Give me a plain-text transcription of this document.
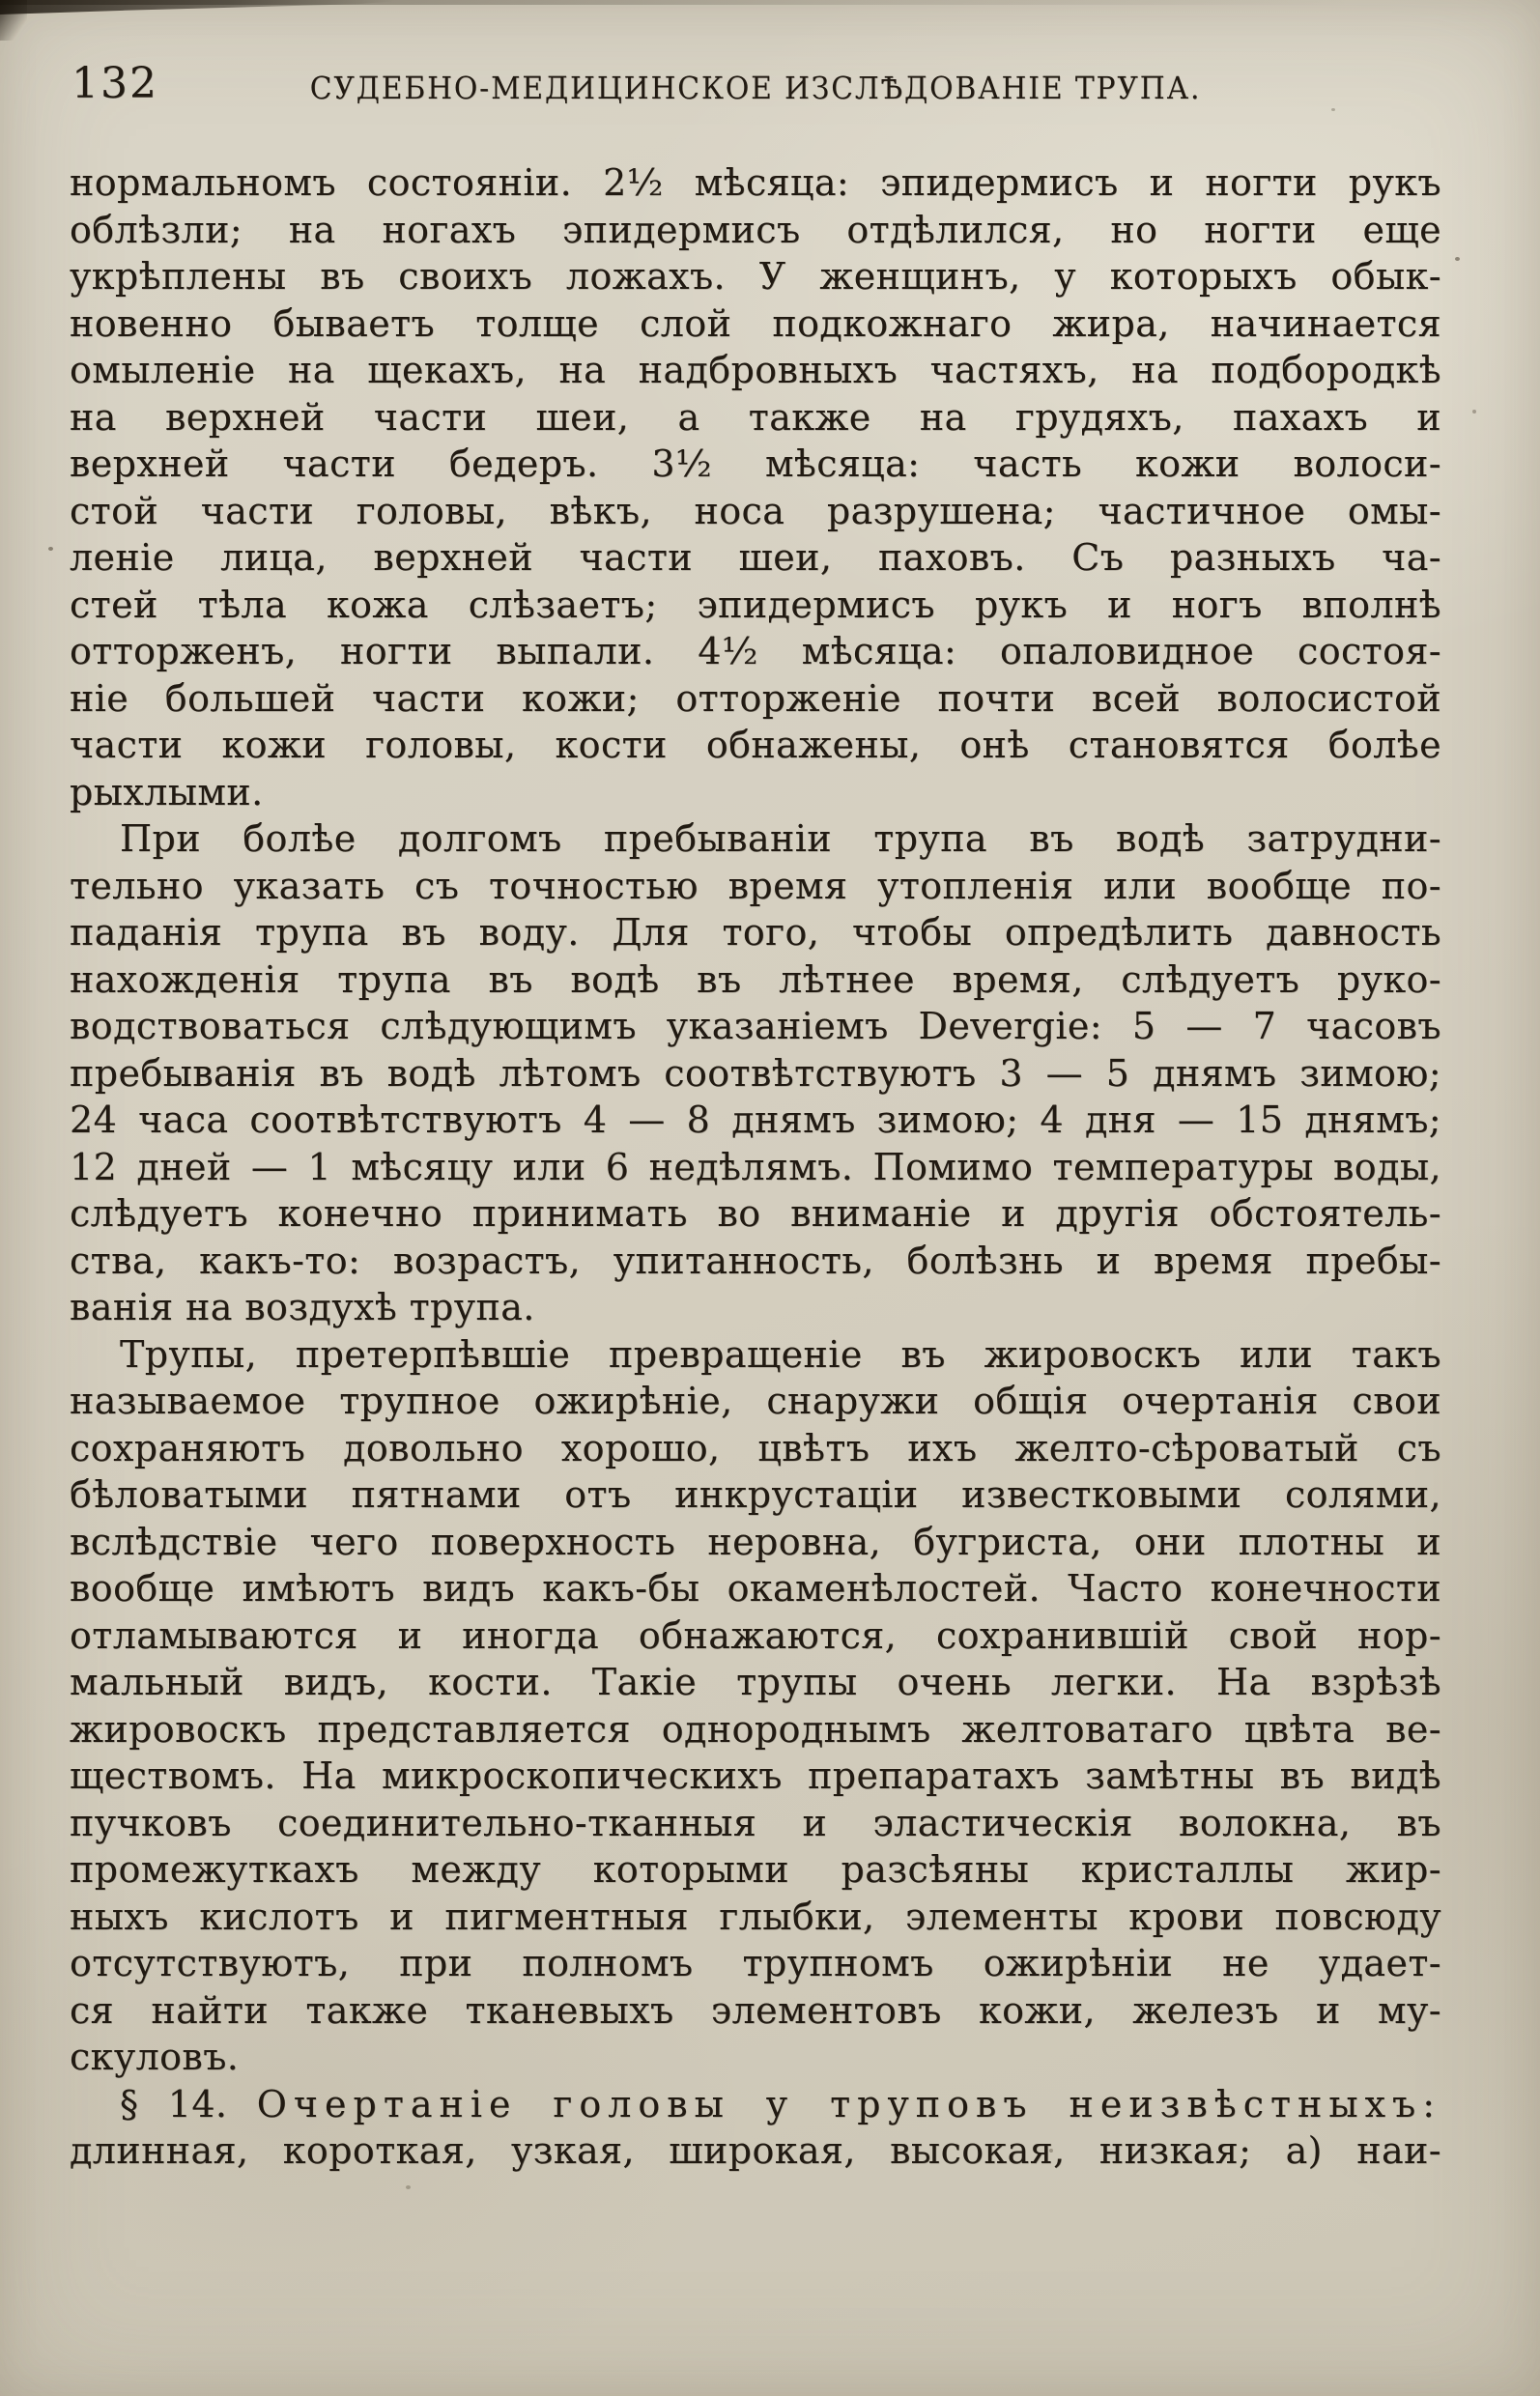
132	СУДЕБНО-МЕДИЦИНСКОЕ ИЗСЛѢДОВАНІЕ ТРУПА.
нормальномъ состояніи. 2¹⁄₂ мѣсяца: эпидермисъ и ногти рукъ
облѣзли; на ногахъ эпидермисъ отдѣлился, но ногти еще
укрѣплены въ своихъ ложахъ. У женщинъ, у которыхъ обык-
новенно бываетъ толще слой подкожнаго жира, начинается
омыленіе на щекахъ, на надбровныхъ частяхъ, на подбородкѣ
на верхней части шеи, а также на грудяхъ, пахахъ и
верхней части бедеръ. 3¹⁄₂ мѣсяца: часть кожи волоси-
стой части головы, вѣкъ, носа разрушена; частичное омы-
леніе лица, верхней части шеи, паховъ. Съ разныхъ ча-
стей тѣла кожа слѣзаетъ; эпидермисъ рукъ и ногъ вполнѣ
отторженъ, ногти выпали. 4¹⁄₂ мѣсяца: опаловидное состоя-
ніе большей части кожи; отторженіе почти всей волосистой
части кожи головы, кости обнажены, онѣ становятся болѣе
рыхлыми.
При болѣе долгомъ пребываніи трупа въ водѣ затрудни-
тельно указать съ точностью время утопленія или вообще по-
паданія трупа въ воду. Для того, чтобы опредѣлить давность
нахожденія трупа въ водѣ въ лѣтнее время, слѣдуетъ руко-
водствоваться слѣдующимъ указаніемъ Devergie: 5 — 7 часовъ
пребыванія въ водѣ лѣтомъ соотвѣтствуютъ 3 — 5 днямъ зимою;
24 часа соотвѣтствуютъ 4 — 8 днямъ зимою; 4 дня — 15 днямъ;
12 дней — 1 мѣсяцу или 6 недѣлямъ. Помимо температуры воды,
слѣдуетъ конечно принимать во вниманіе и другія обстоятель-
ства, какъ-то: возрастъ, упитанность, болѣзнь и время пребы-
ванія на воздухѣ трупа.
Трупы, претерпѣвшіе превращеніе въ жировоскъ или такъ
называемое трупное ожирѣніе, снаружи общія очертанія свои
сохраняютъ довольно хорошо, цвѣтъ ихъ желто-сѣроватый съ
бѣловатыми пятнами отъ инкрустаціи известковыми солями,
вслѣдствіе чего поверхность неровна, бугриста, они плотны и
вообще имѣютъ видъ какъ-бы окаменѣлостей. Часто конечности
отламываются и иногда обнажаются, сохранившій свой нор-
мальный видъ, кости. Такіе трупы очень легки. На взрѣзѣ
жировоскъ представляется однороднымъ желтоватаго цвѣта ве-
ществомъ. На микроскопическихъ препаратахъ замѣтны въ видѣ
пучковъ соединительно-тканныя и эластическія волокна, въ
промежуткахъ между которыми разсѣяны кристаллы жир-
ныхъ кислотъ и пигментныя глыбки, элементы крови повсюду
отсутствуютъ, при полномъ трупномъ ожирѣніи не удает-
ся найти также тканевыхъ элементовъ кожи, железъ и му-
скуловъ.
§ 14. Очертаніе головы у труповъ неизвѣстныхъ:
длинная, короткая, узкая, широкая, высокая, низкая; а) наи-
